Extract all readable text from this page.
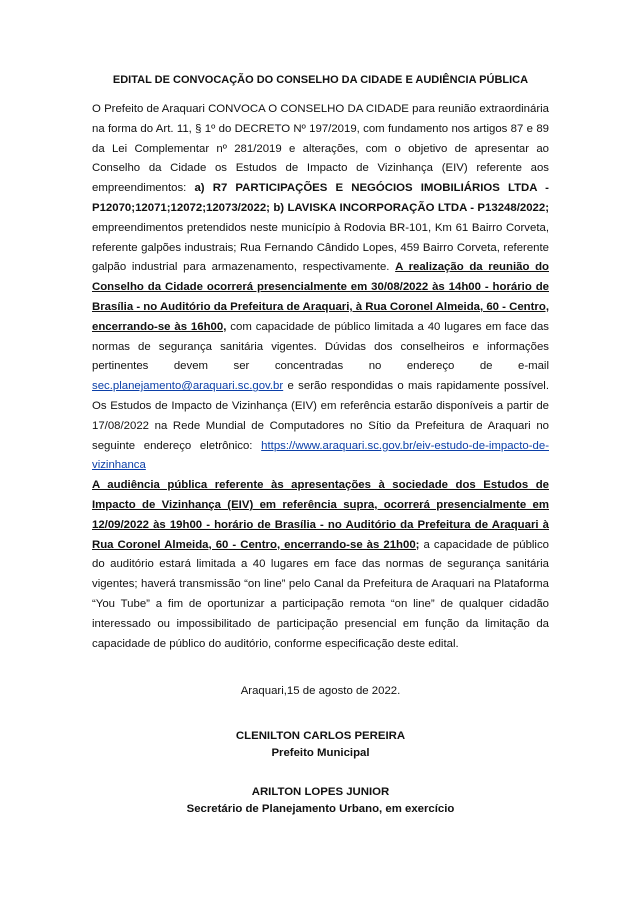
EDITAL DE CONVOCAÇÃO DO CONSELHO DA CIDADE E AUDIÊNCIA PÚBLICA

O Prefeito de Araquari CONVOCA O CONSELHO DA CIDADE para reunião extraordinária na forma do Art. 11, § 1º do DECRETO Nº 197/2019, com fundamento nos artigos 87 e 89 da Lei Complementar nº 281/2019 e alterações, com o objetivo de apresentar ao Conselho da Cidade os Estudos de Impacto de Vizinhança (EIV) referente aos empreendimentos: a) R7 PARTICIPAÇÕES E NEGÓCIOS IMOBILIÁRIOS LTDA - P12070;12071;12072;12073/2022; b) LAVISKA INCORPORAÇÃO LTDA - P13248/2022; empreendimentos pretendidos neste município à Rodovia BR-101, Km 61 Bairro Corveta, referente galpões industrais; Rua Fernando Cândido Lopes, 459 Bairro Corveta, referente galpão industrial para armazenamento, respectivamente. A realização da reunião do Conselho da Cidade ocorrerá presencialmente em 30/08/2022 às 14h00 - horário de Brasília - no Auditório da Prefeitura de Araquari, à Rua Coronel Almeida, 60 - Centro, encerrando-se às 16h00, com capacidade de público limitada a 40 lugares em face das normas de segurança sanitária vigentes. Dúvidas dos conselheiros e informações pertinentes devem ser concentradas no endereço de e-mail sec.planejamento@araquari.sc.gov.br e serão respondidas o mais rapidamente possível. Os Estudos de Impacto de Vizinhança (EIV) em referência estarão disponíveis a partir de 17/08/2022 na Rede Mundial de Computadores no Sítio da Prefeitura de Araquari no seguinte endereço eletrônico: https://www.araquari.sc.gov.br/eiv-estudo-de-impacto-de-vizinhanca
A audiência pública referente às apresentações à sociedade dos Estudos de Impacto de Vizinhança (EIV) em referência supra, ocorrerá presencialmente em 12/09/2022 às 19h00 - horário de Brasília - no Auditório da Prefeitura de Araquari à Rua Coronel Almeida, 60 - Centro, encerrando-se às 21h00; a capacidade de público do auditório estará limitada a 40 lugares em face das normas de segurança sanitária vigentes; haverá transmissão “on line” pelo Canal da Prefeitura de Araquari na Plataforma “You Tube” a fim de oportunizar a participação remota “on line” de qualquer cidadão interessado ou impossibilitado de participação presencial em função da limitação da capacidade de público do auditório, conforme especificação deste edital.

Araquari,15 de agosto de 2022.
CLENILTON CARLOS PEREIRA
Prefeito Municipal
ARILTON LOPES JUNIOR
Secretário de Planejamento Urbano, em exercício
